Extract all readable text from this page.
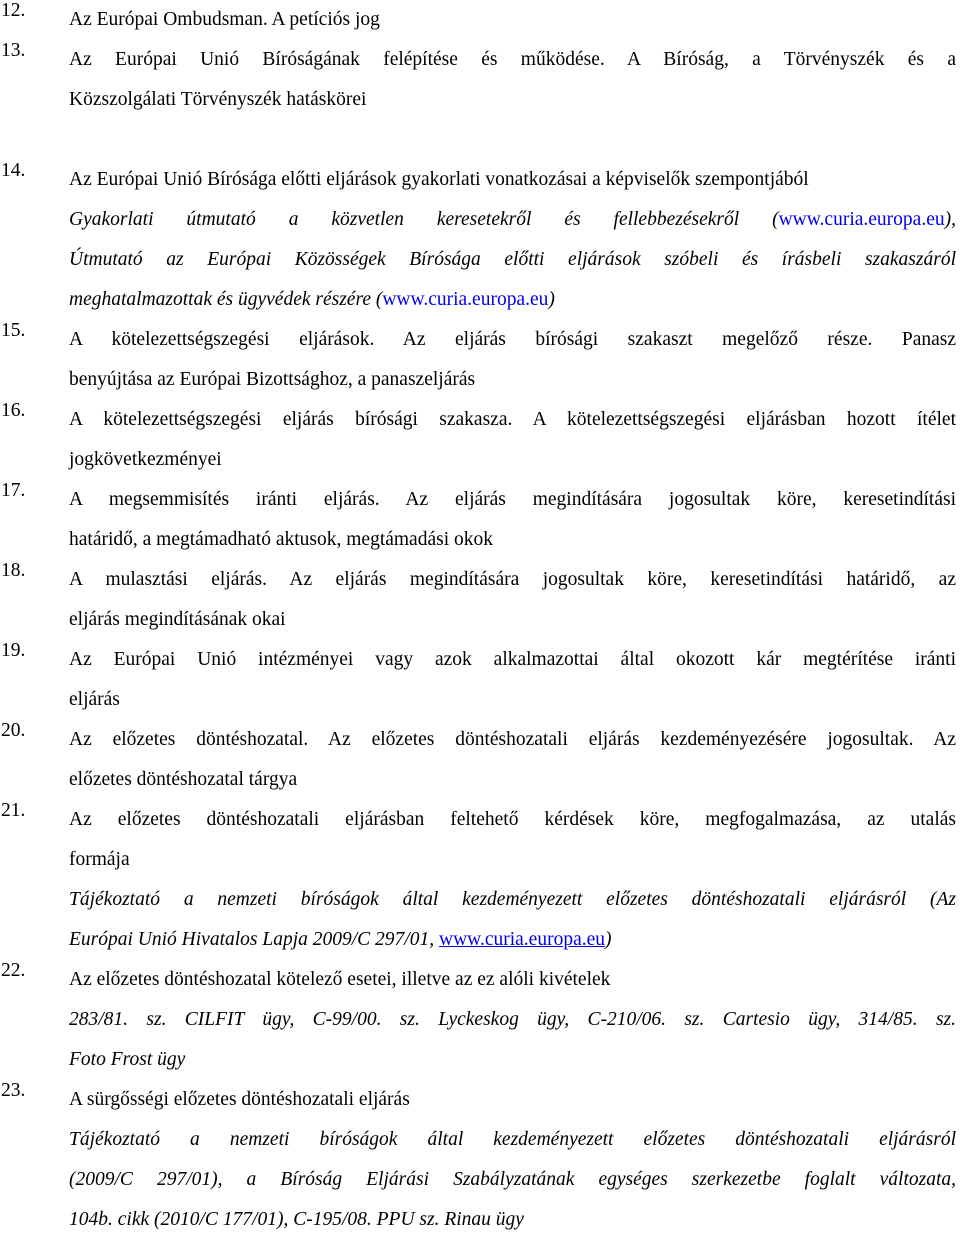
12. Az Európai Ombudsman. A petíciós jog
13. Az Európai Unió Bíróságának felépítése és működése. A Bíróság, a Törvényszék és a
Közszolgálati Törvényszék hatáskörei
14. Az Európai Unió Bírósága előtti eljárások gyakorlati vonatkozásai a képviselők szempontjából
Gyakorlati útmutató a közvetlen keresetekről és fellebbezésekről (www.curia.europa.eu),
Útmutató az Európai Közösségek Bírósága előtti eljárások szóbeli és írásbeli szakaszáról
meghatalmazottak és ügyvédek részére (www.curia.europa.eu)
15. A kötelezettségszegési eljárások. Az eljárás bírósági szakaszt megelőző része. Panasz
benyújtása az Európai Bizottsághoz, a panaszeljárás
16. A kötelezettségszegési eljárás bírósági szakasza. A kötelezettségszegési eljárásban hozott ítélet
jogkövetkezményei
17. A megsemmisítés iránti eljárás. Az eljárás megindítására jogosultak köre, keresetindítási
határidő, a megtámadható aktusok, megtámadási okok
18. A mulasztási eljárás. Az eljárás megindítására jogosultak köre, keresetindítási határidő, az
eljárás megindításának okai
19. Az Európai Unió intézményei vagy azok alkalmazottai által okozott kár megtérítése iránti
eljárás
20. Az előzetes döntéshozatal. Az előzetes döntéshozatali eljárás kezdeményezésére jogosultak. Az
előzetes döntéshozatal tárgya
21. Az előzetes döntéshozatali eljárásban feltehető kérdések köre, megfogalmazása, az utalás
formája
Tájékoztató a nemzeti bíróságok által kezdeményezett előzetes döntéshozatali eljárásról (Az
Európai Unió Hivatalos Lapja 2009/C 297/01, www.curia.europa.eu)
22. Az előzetes döntéshozatal kötelező esetei, illetve az ez alóli kivételek
283/81. sz. CILFIT ügy, C-99/00. sz. Lyckeskog ügy, C-210/06. sz. Cartesio ügy, 314/85. sz.
Foto Frost ügy
23. A sürgősségi előzetes döntéshozatali eljárás
Tájékoztató a nemzeti bíróságok által kezdeményezett előzetes döntéshozatali eljárásról
(2009/C 297/01), a Bíróság Eljárási Szabályzatának egységes szerkezetbe foglalt változata,
104b. cikk (2010/C 177/01), C-195/08. PPU sz. Rinau ügy
